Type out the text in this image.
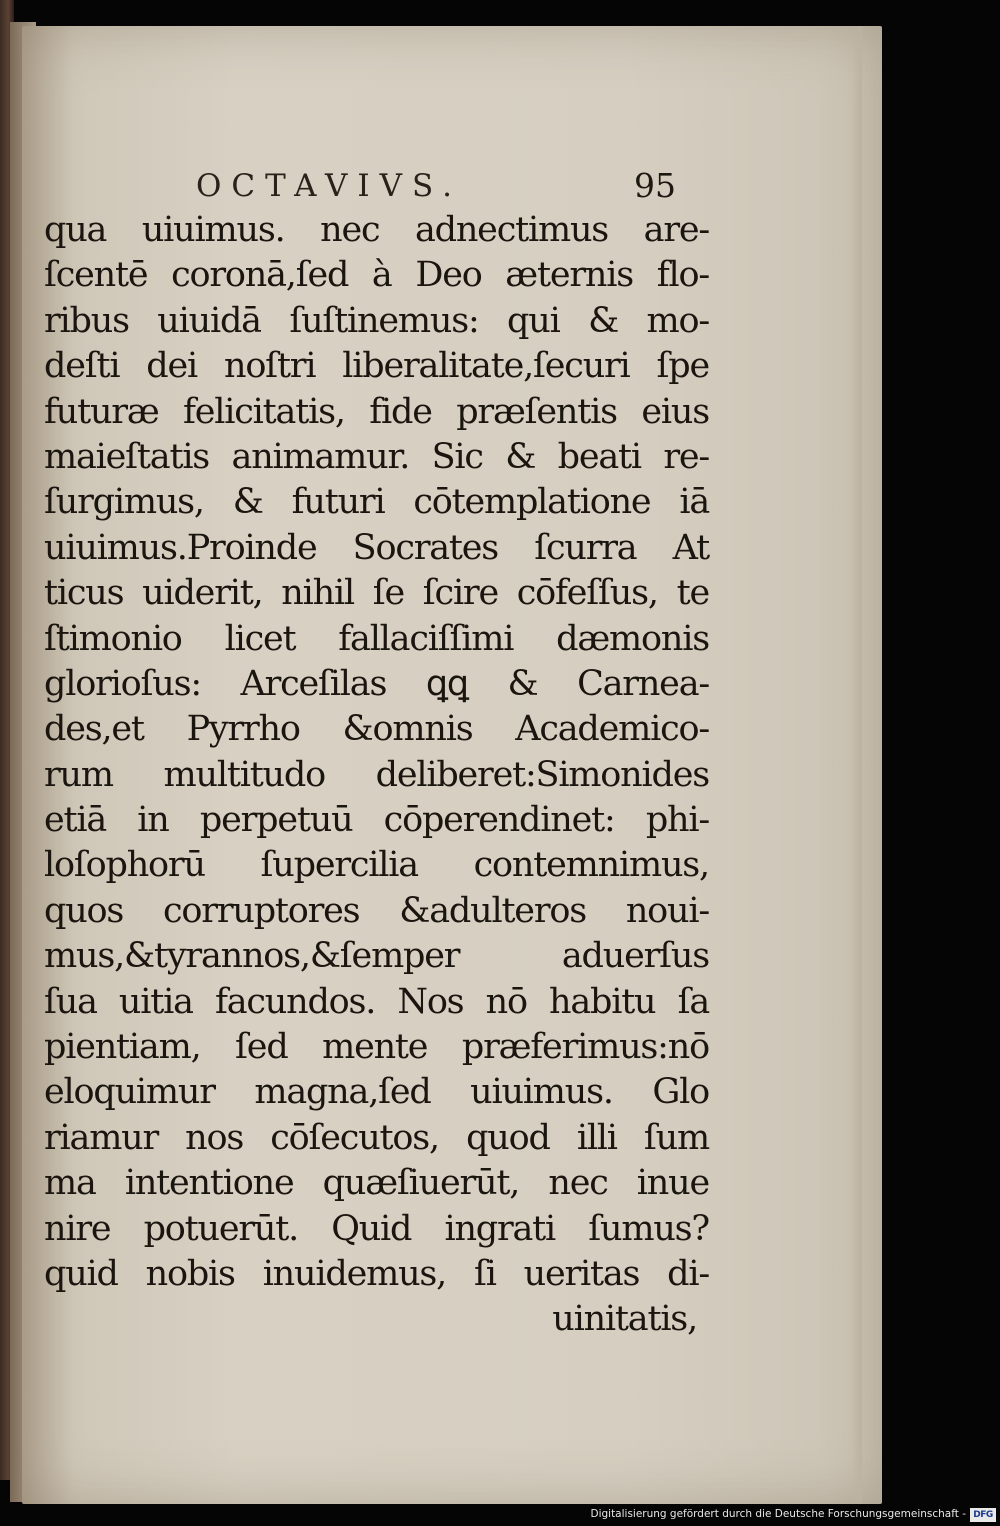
OCTAVIVS.	95
qua uiuimus. nec adnectimus are-
ſcentē coronā,ſed à Deo æternis flo-
ribus uiuidā ſuſtinemus: qui & mo-
deſti dei noſtri liberalitate,ſecuri ſpe
futuræ felicitatis, fide præſentis eius
maieſtatis animamur. Sic & beati re-
ſurgimus, & futuri cōtemplatione iā
uiuimus.Proinde Socrates ſcurra At
ticus uiderit, nihil ſe ſcire cōfeſſus, te
ſtimonio licet fallaciſſimi dæmonis
glorioſus: Arceſilas ꝗꝗ & Carnea-
des,et Pyrrho &omnis Academico-
rum multitudo deliberet:Simonides
etiā in perpetuū cōperendinet: phi-
loſophorū ſupercilia contemnimus,
quos corruptores &adulteros noui-
mus,&tyrannos,&ſemper aduerſus
ſua uitia facundos. Nos nō habitu ſa
pientiam, ſed mente præferimus:nō
eloquimur magna,ſed uiuimus. Glo
riamur nos cōſecutos, quod illi ſum
ma intentione quæſiuerūt, nec inue
nire potuerūt. Quid ingrati ſumus?
quid nobis inuidemus, ſi ueritas di-
uinitatis,
Digitalisierung gefördert durch die Deutsche Forschungsgemeinschaft - DFG
